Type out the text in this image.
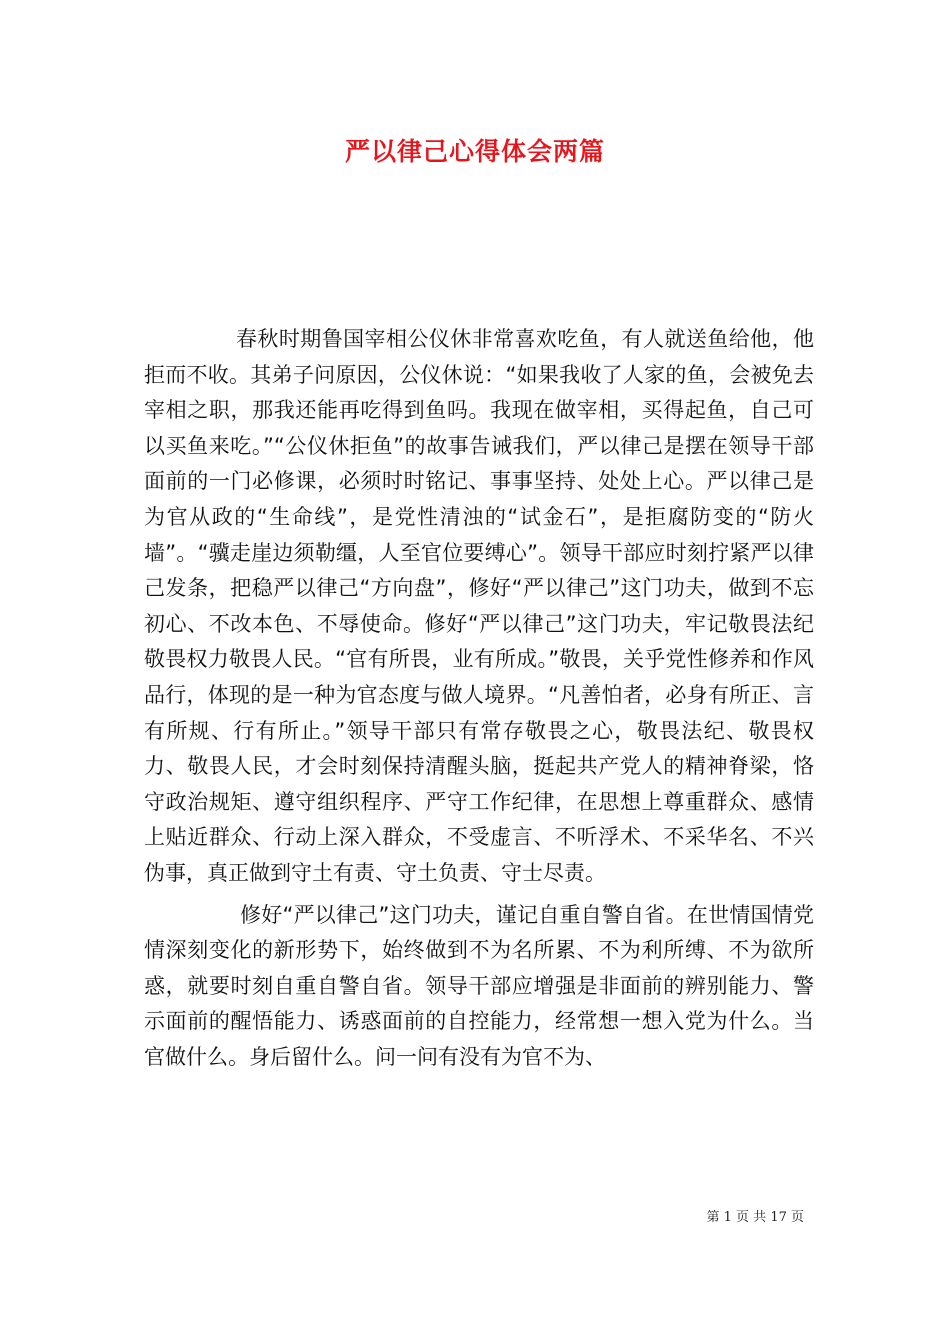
严以律己心得体会两篇

春秋时期鲁国宰相公仪休非常喜欢吃鱼，有人就送鱼给他，他拒而不收。其弟子问原因，公仪休说：“如果我收了人家的鱼，会被免去宰相之职，那我还能再吃得到鱼吗。我现在做宰相，买得起鱼，自己可以买鱼来吃。”“公仪休拒鱼”的故事告诫我们，严以律己是摆在领导干部面前的一门必修课，必须时时铭记、事事坚持、处处上心。严以律己是为官从政的“生命线”，是党性清浊的“试金石”，是拒腐防变的“防火墙”。“骥走崖边须勒缰，人至官位要缚心”。领导干部应时刻拧紧严以律己发条，把稳严以律己“方向盘”，修好“严以律己”这门功夫，做到不忘初心、不改本色、不辱使命。修好“严以律己”这门功夫，牢记敬畏法纪敬畏权力敬畏人民。“官有所畏，业有所成。”敬畏，关乎党性修养和作风品行，体现的是一种为官态度与做人境界。“凡善怕者，必身有所正、言有所规、行有所止。”领导干部只有常存敬畏之心，敬畏法纪、敬畏权力、敬畏人民，才会时刻保持清醒头脑，挺起共产党人的精神脊梁，恪守政治规矩、遵守组织程序、严守工作纪律，在思想上尊重群众、感情上贴近群众、行动上深入群众，不受虚言、不听浮术、不采华名、不兴伪事，真正做到守土有责、守土负责、守士尽责。

修好“严以律己”这门功夫，谨记自重自警自省。在世情国情党情深刻变化的新形势下，始终做到不为名所累、不为利所缚、不为欲所惑，就要时刻自重自警自省。领导干部应增强是非面前的辨别能力、警示面前的醒悟能力、诱惑面前的自控能力，经常想一想入党为什么。当官做什么。身后留什么。问一问有没有为官不为、

第 1 页 共 17 页
